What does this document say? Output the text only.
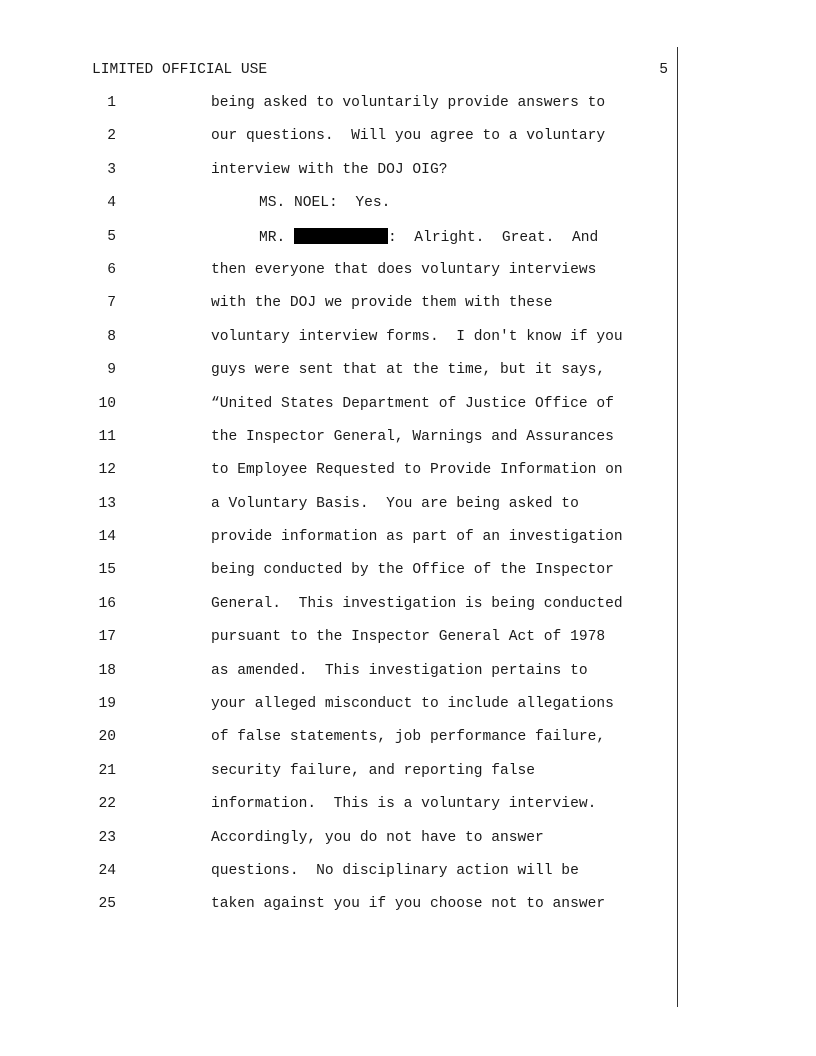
LIMITED OFFICIAL USE	5
1	being asked to voluntarily provide answers to
2	our questions.  Will you agree to a voluntary
3	interview with the DOJ OIG?
4	MS. NOEL:  Yes.
5	MR.	:  Alright.  Great.  And
6	then everyone that does voluntary interviews
7	with the DOJ we provide them with these
8	voluntary interview forms.  I don't know if you
9	guys were sent that at the time, but it says,
10	“United States Department of Justice Office of
11	the Inspector General, Warnings and Assurances
12	to Employee Requested to Provide Information on
13	a Voluntary Basis.  You are being asked to
14	provide information as part of an investigation
15	being conducted by the Office of the Inspector
16	General.  This investigation is being conducted
17	pursuant to the Inspector General Act of 1978
18	as amended.  This investigation pertains to
19	your alleged misconduct to include allegations
20	of false statements, job performance failure,
21	security failure, and reporting false
22	information.  This is a voluntary interview.
23	Accordingly, you do not have to answer
24	questions.  No disciplinary action will be
25	taken against you if you choose not to answer
